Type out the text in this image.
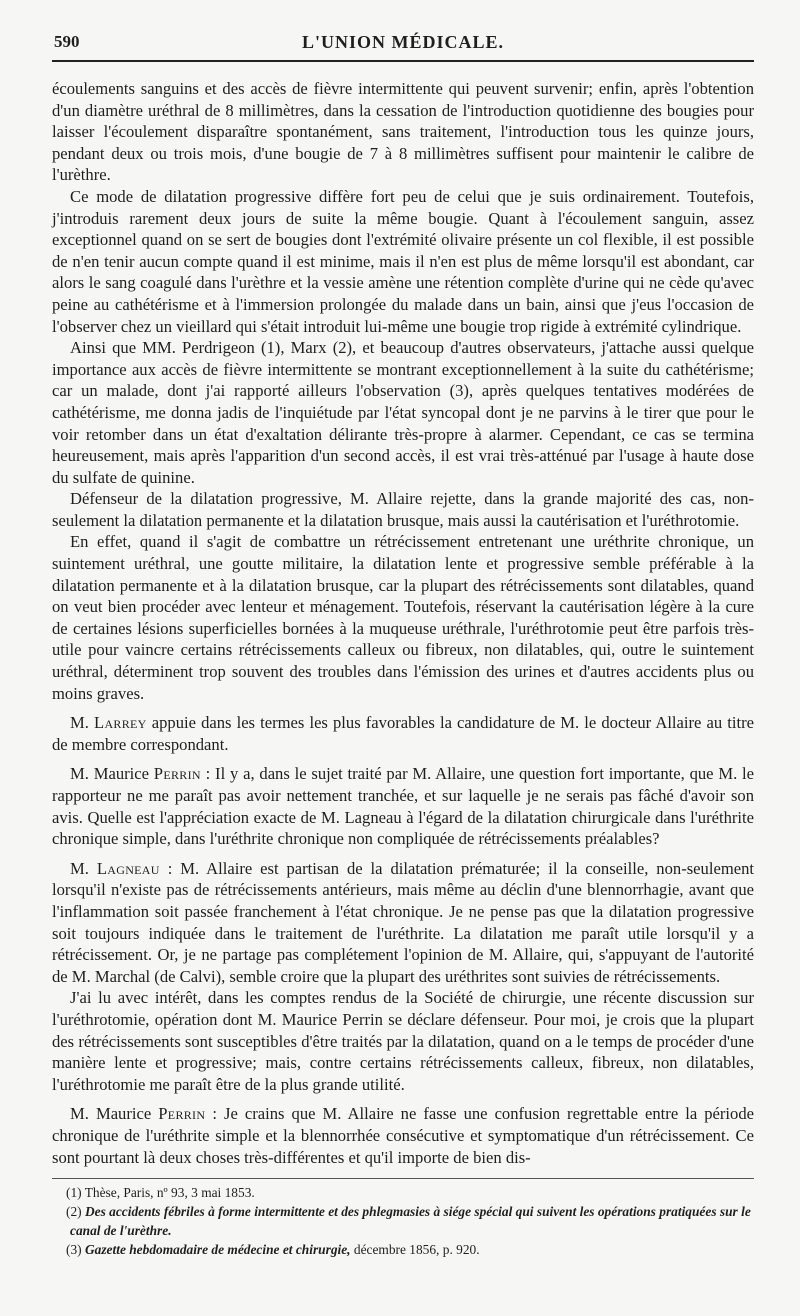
590	L'UNION MÉDICALE.

écoulements sanguins et des accès de fièvre intermittente qui peuvent survenir; enfin, après l'obtention d'un diamètre uréthral de 8 millimètres, dans la cessation de l'introduction quotidienne des bougies pour laisser l'écoulement disparaître spontanément, sans traitement, l'introduction tous les quinze jours, pendant deux ou trois mois, d'une bougie de 7 à 8 millimètres suffisent pour maintenir le calibre de l'urèthre.

Ce mode de dilatation progressive diffère fort peu de celui que je suis ordinairement. Toutefois, j'introduis rarement deux jours de suite la même bougie. Quant à l'écoulement sanguin, assez exceptionnel quand on se sert de bougies dont l'extrémité olivaire présente un col flexible, il est possible de n'en tenir aucun compte quand il est minime, mais il n'en est plus de même lorsqu'il est abondant, car alors le sang coagulé dans l'urèthre et la vessie amène une rétention complète d'urine qui ne cède qu'avec peine au cathétérisme et à l'immersion prolongée du malade dans un bain, ainsi que j'eus l'occasion de l'observer chez un vieillard qui s'était introduit lui-même une bougie trop rigide à extrémité cylindrique.

Ainsi que MM. Perdrigeon (1), Marx (2), et beaucoup d'autres observateurs, j'attache aussi quelque importance aux accès de fièvre intermittente se montrant exceptionnellement à la suite du cathétérisme; car un malade, dont j'ai rapporté ailleurs l'observation (3), après quelques tentatives modérées de cathétérisme, me donna jadis de l'inquiétude par l'état syncopal dont je ne parvins à le tirer que pour le voir retomber dans un état d'exaltation délirante très-propre à alarmer. Cependant, ce cas se termina heureusement, mais après l'apparition d'un second accès, il est vrai très-atténué par l'usage à haute dose du sulfate de quinine.

Défenseur de la dilatation progressive, M. Allaire rejette, dans la grande majorité des cas, non-seulement la dilatation permanente et la dilatation brusque, mais aussi la cautérisation et l'uréthrotomie.

En effet, quand il s'agit de combattre un rétrécissement entretenant une uréthrite chronique, un suintement uréthral, une goutte militaire, la dilatation lente et progressive semble préférable à la dilatation permanente et à la dilatation brusque, car la plupart des rétrécissements sont dilatables, quand on veut bien procéder avec lenteur et ménagement. Toutefois, réservant la cautérisation légère à la cure de certaines lésions superficielles bornées à la muqueuse uréthrale, l'uréthrotomie peut être parfois très-utile pour vaincre certains rétrécissements calleux ou fibreux, non dilatables, qui, outre le suintement uréthral, déterminent trop souvent des troubles dans l'émission des urines et d'autres accidents plus ou moins graves.

M. Larrey appuie dans les termes les plus favorables la candidature de M. le docteur Allaire au titre de membre correspondant.

M. Maurice Perrin : Il y a, dans le sujet traité par M. Allaire, une question fort importante, que M. le rapporteur ne me paraît pas avoir nettement tranchée, et sur laquelle je ne serais pas fâché d'avoir son avis. Quelle est l'appréciation exacte de M. Lagneau à l'égard de la dilatation chirurgicale dans l'uréthrite chronique simple, dans l'uréthrite chronique non compliquée de rétrécissements préalables?

M. Lagneau : M. Allaire est partisan de la dilatation prématurée; il la conseille, non-seulement lorsqu'il n'existe pas de rétrécissements antérieurs, mais même au déclin d'une blennorrhagie, avant que l'inflammation soit passée franchement à l'état chronique. Je ne pense pas que la dilatation progressive soit toujours indiquée dans le traitement de l'uréthrite. La dilatation me paraît utile lorsqu'il y a rétrécissement. Or, je ne partage pas complétement l'opinion de M. Allaire, qui, s'appuyant de l'autorité de M. Marchal (de Calvi), semble croire que la plupart des uréthrites sont suivies de rétrécissements.

J'ai lu avec intérêt, dans les comptes rendus de la Société de chirurgie, une récente discussion sur l'uréthrotomie, opération dont M. Maurice Perrin se déclare défenseur. Pour moi, je crois que la plupart des rétrécissements sont susceptibles d'être traités par la dilatation, quand on a le temps de procéder d'une manière lente et progressive; mais, contre certains rétrécissements calleux, fibreux, non dilatables, l'uréthrotomie me paraît être de la plus grande utilité.

M. Maurice Perrin : Je crains que M. Allaire ne fasse une confusion regrettable entre la période chronique de l'uréthrite simple et la blennorrhée consécutive et symptomatique d'un rétrécissement. Ce sont pourtant là deux choses très-différentes et qu'il importe de bien dis-

(1) Thèse, Paris, nº 93, 3 mai 1853.

(2) Des accidents fébriles à forme intermittente et des phlegmasies à siége spécial qui suivent les opérations pratiquées sur le canal de l'urèthre.

(3) Gazette hebdomadaire de médecine et chirurgie, décembre 1856, p. 920.
